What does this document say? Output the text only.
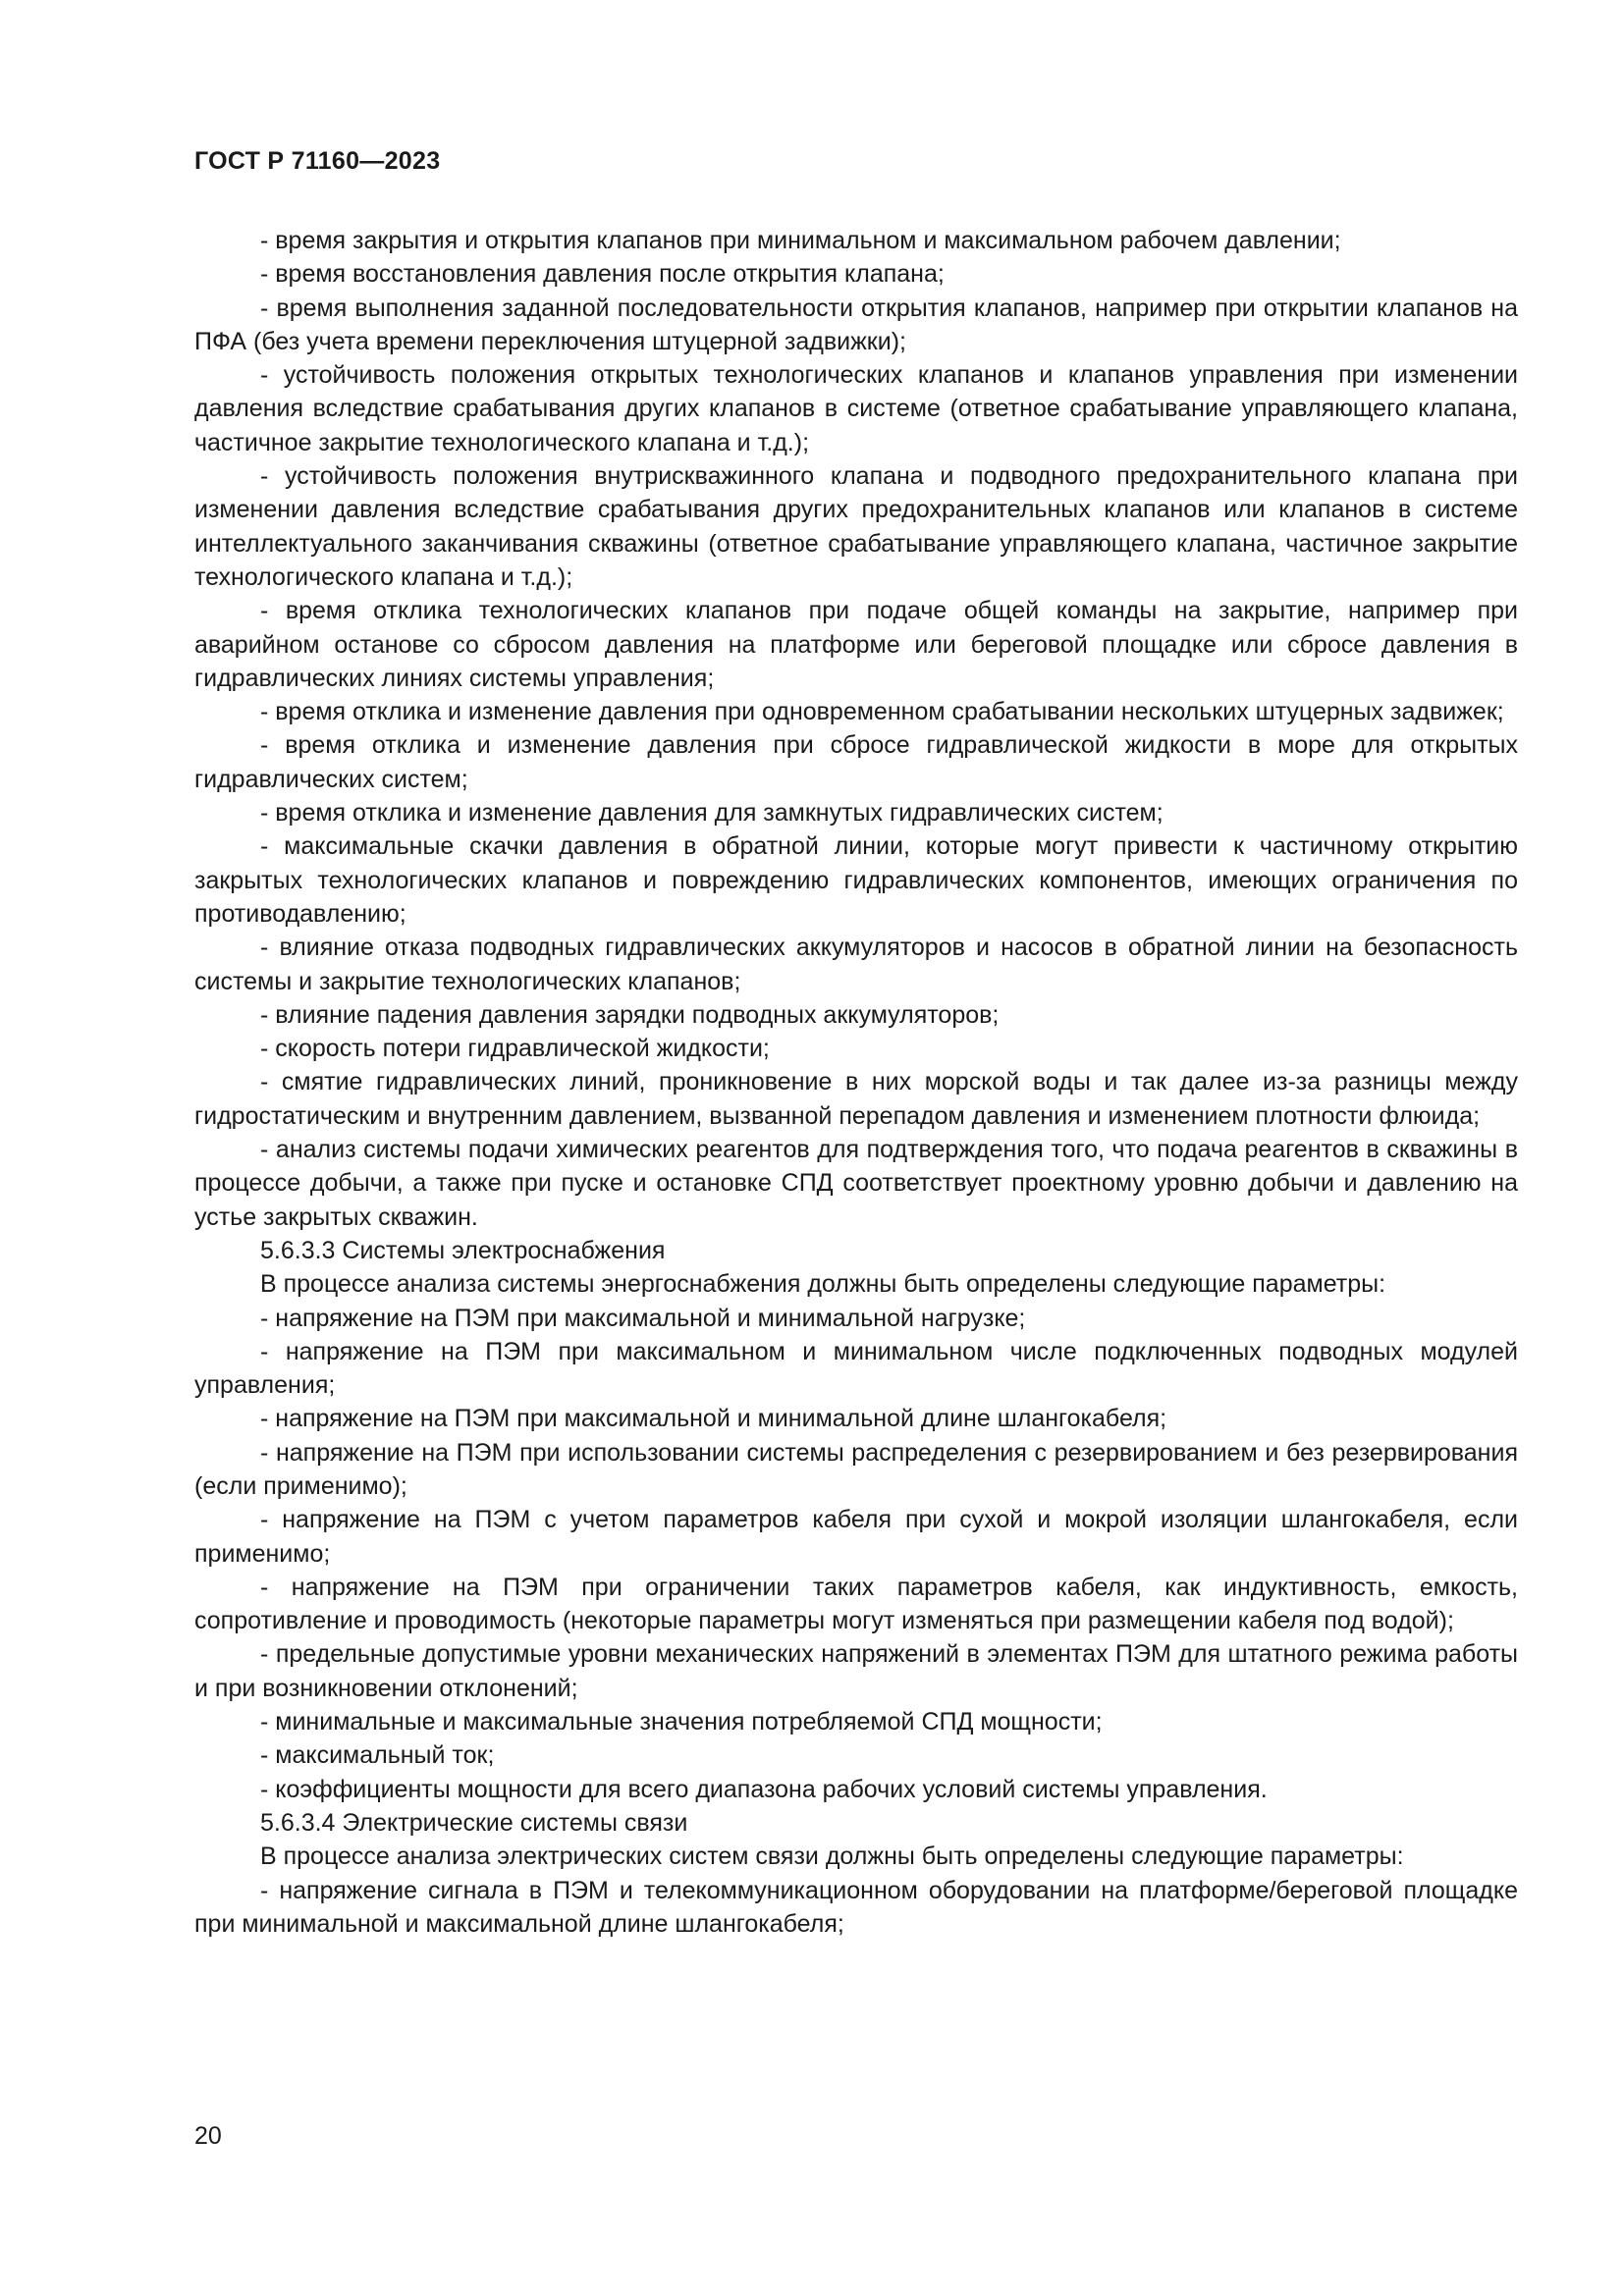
ГОСТ Р 71160—2023

- время закрытия и открытия клапанов при минимальном и максимальном рабочем давлении;

- время восстановления давления после открытия клапана;

- время выполнения заданной последовательности открытия клапанов, например при открытии клапанов на ПФА (без учета времени переключения штуцерной задвижки);

- устойчивость положения открытых технологических клапанов и клапанов управления при изменении давления вследствие срабатывания других клапанов в системе (ответное срабатывание управляющего клапана, частичное закрытие технологического клапана и т.д.);

- устойчивость положения внутрискважинного клапана и подводного предохранительного клапана при изменении давления вследствие срабатывания других предохранительных клапанов или клапанов в системе интеллектуального заканчивания скважины (ответное срабатывание управляющего клапана, частичное закрытие технологического клапана и т.д.);

- время отклика технологических клапанов при подаче общей команды на закрытие, например при аварийном останове со сбросом давления на платформе или береговой площадке или сбросе давления в гидравлических линиях системы управления;

- время отклика и изменение давления при одновременном срабатывании нескольких штуцерных задвижек;

- время отклика и изменение давления при сбросе гидравлической жидкости в море для открытых гидравлических систем;

- время отклика и изменение давления для замкнутых гидравлических систем;

- максимальные скачки давления в обратной линии, которые могут привести к частичному открытию закрытых технологических клапанов и повреждению гидравлических компонентов, имеющих ограничения по противодавлению;

- влияние отказа подводных гидравлических аккумуляторов и насосов в обратной линии на безопасность системы и закрытие технологических клапанов;

- влияние падения давления зарядки подводных аккумуляторов;

- скорость потери гидравлической жидкости;

- смятие гидравлических линий, проникновение в них морской воды и так далее из-за разницы между гидростатическим и внутренним давлением, вызванной перепадом давления и изменением плотности флюида;

- анализ системы подачи химических реагентов для подтверждения того, что подача реагентов в скважины в процессе добычи, а также при пуске и остановке СПД соответствует проектному уровню добычи и давлению на устье закрытых скважин.

5.6.3.3 Системы электроснабжения

В процессе анализа системы энергоснабжения должны быть определены следующие параметры:

- напряжение на ПЭМ при максимальной и минимальной нагрузке;

- напряжение на ПЭМ при максимальном и минимальном числе подключенных подводных модулей управления;

- напряжение на ПЭМ при максимальной и минимальной длине шлангокабеля;

- напряжение на ПЭМ при использовании системы распределения с резервированием и без резервирования (если применимо);

- напряжение на ПЭМ с учетом параметров кабеля при сухой и мокрой изоляции шлангокабеля, если применимо;

- напряжение на ПЭМ при ограничении таких параметров кабеля, как индуктивность, емкость, сопротивление и проводимость (некоторые параметры могут изменяться при размещении кабеля под водой);

- предельные допустимые уровни механических напряжений в элементах ПЭМ для штатного режима работы и при возникновении отклонений;

- минимальные и максимальные значения потребляемой СПД мощности;

- максимальный ток;

- коэффициенты мощности для всего диапазона рабочих условий системы управления.

5.6.3.4 Электрические системы связи

В процессе анализа электрических систем связи должны быть определены следующие параметры:

- напряжение сигнала в ПЭМ и телекоммуникационном оборудовании на платформе/береговой площадке при минимальной и максимальной длине шлангокабеля;

20
